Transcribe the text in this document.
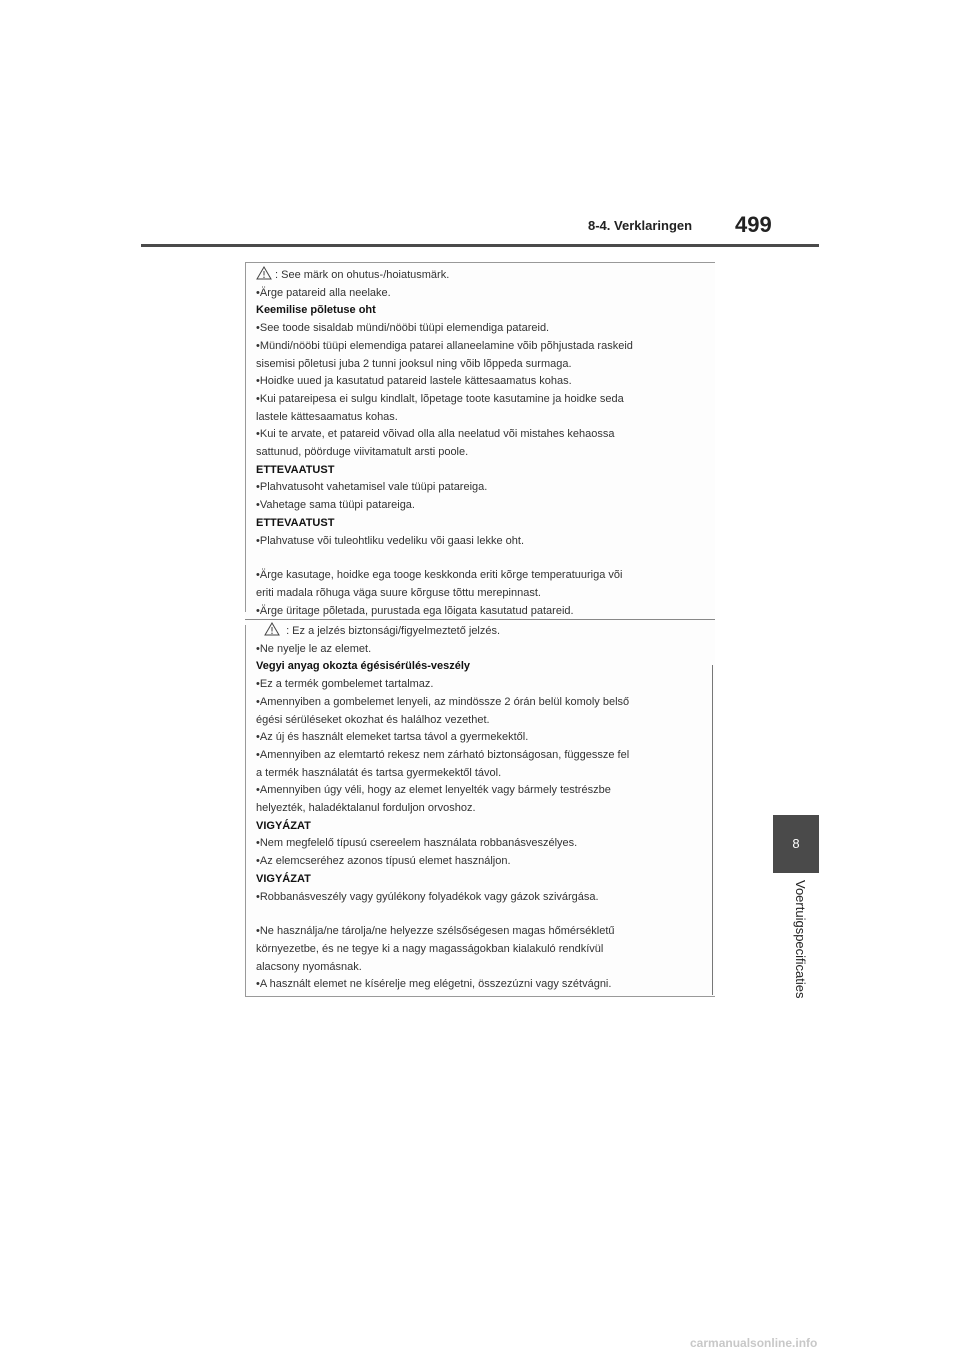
8-4. Verklaringen 499
8
Voertuigspecificaties

: See märk on ohutus-/hoiatusmärk.

•Ärge patareid alla neelake.

Keemilise põletuse oht

•See toode sisaldab mündi/nööbi tüüpi elemendiga patareid.

•Mündi/nööbi tüüpi elemendiga patarei allaneelamine võib põhjustada raskeid

sisemisi põletusi juba 2 tunni jooksul ning võib lõppeda surmaga.

•Hoidke uued ja kasutatud patareid lastele kättesaamatus kohas.

•Kui patareipesa ei sulgu kindlalt, lõpetage toote kasutamine ja hoidke seda

lastele kättesaamatus kohas.

•Kui te arvate, et patareid võivad olla alla neelatud või mistahes kehaossa

sattunud, pöörduge viivitamatult arsti poole.

ETTEVAATUST

•Plahvatusoht vahetamisel vale tüüpi patareiga.

•Vahetage sama tüüpi patareiga.

ETTEVAATUST

•Plahvatuse või tuleohtliku vedeliku või gaasi lekke oht.

•Ärge kasutage, hoidke ega tooge keskkonda eriti kõrge temperatuuriga või

eriti madala rõhuga väga suure kõrguse tõttu merepinnast.

•Ärge üritage põletada, purustada ega lõigata kasutatud patareid.

: Ez a jelzés biztonsági/figyelmeztető jelzés.

•Ne nyelje le az elemet.

Vegyi anyag okozta égésisérülés-veszély

•Ez a termék gombelemet tartalmaz.

•Amennyiben a gombelemet lenyeli, az mindössze 2 órán belül komoly belső

égési sérüléseket okozhat és halálhoz vezethet.

•Az új és használt elemeket tartsa távol a gyermekektől.

•Amennyiben az elemtartó rekesz nem zárható biztonságosan, függessze fel

a termék használatát és tartsa gyermekektől távol.

•Amennyiben úgy véli, hogy az elemet lenyelték vagy bármely testrészbe

helyezték, haladéktalanul forduljon orvoshoz.

VIGYÁZAT

•Nem megfelelő típusú csereelem használata robbanásveszélyes.

•Az elemcseréhez azonos típusú elemet használjon.

VIGYÁZAT

•Robbanásveszély vagy gyúlékony folyadékok vagy gázok szivárgása.

•Ne használja/ne tárolja/ne helyezze szélsőségesen magas hőmérsékletű

környezetbe, és ne tegye ki a nagy magasságokban kialakuló rendkívül

alacsony nyomásnak.

•A használt elemet ne kísérelje meg elégetni, összezúzni vagy szétvágni.

carmanualsonline.info
